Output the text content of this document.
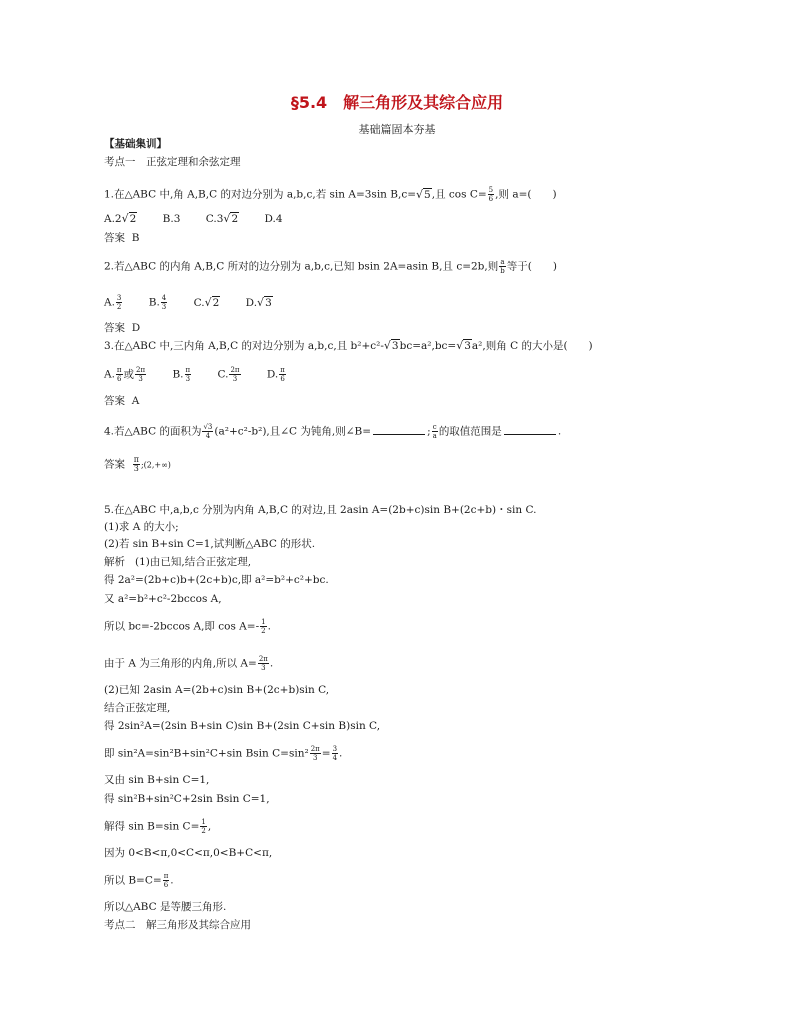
§5.4　解三角形及其综合应用
基础篇固本夯基
【基础集训】
考点一　正弦定理和余弦定理
1.在△ABC 中,角 A,B,C 的对边分别为 a,b,c,若 sin A=3sin B,c=√5,且 $\cos C= \frac{5}{6}$ ,则 a=(　　)
A.2√2	B.3 C.3√2	D.4
答案 B
2.若△ABC 的内角 A,B,C 所对的边分别为 a,b,c,已知 bsin 2A=asin B,且 c=2b,则 $\frac{a}{b}$ 等于(　　)
A. $\frac{3}{2}$	B. $\frac{4}{3}$	C.√2	D.√3
答案 D
3.在△ABC 中,三内角 A,B,C 的对边分别为 a,b,c,且 b²+c²-√3bc=a²,bc=√3a²,则角 C 的大小是(　　)
A. $\frac{\pi}{6}$ 或 $\frac{2\pi}{3}$	B. $\frac{\pi}{3}$	C. $\frac{2\pi}{3}$	D. $\frac{\pi}{6}$
答案 A
4.若△ABC 的面积为 $\frac{√3}{4} (a^2+c^2-b^2)$,且∠C 为钝角,则∠B=	; $\frac{c}{a}$ 的取值范围是	.
答案 $\frac{\pi}{3}$ ;(2,+∞)
5.在△ABC 中,a,b,c 分别为内角 A,B,C 的对边,且 2asin A=(2b+c)sin B+(2c+b)・sin C.
(1)求 A 的大小;
(2)若 sin B+sin C=1,试判断△ABC 的形状.
解析 (1)由已知,结合正弦定理,
得 2a²=(2b+c)b+(2c+b)c,即 a²=b²+c²+bc.
又 a²=b²+c²-2bccos A,
所以 bc=-2bccos A,即 $\cos A=- \frac{1}{2}$ .
由于 A 为三角形的内角,所以 $A= \frac{2\pi}{3}$ .
(2)已知 2asin A=(2b+c)sin B+(2c+b)sin C,
结合正弦定理,
得 2sin²A=(2sin B+sin C)sin B+(2sin C+sin B)sin C,
即 sin²A=sin²B+sin²C+sin Bsin $C=\sin^2 \frac{2\pi}{3} = \frac{3}{4}$ .
又由 sin B+sin C=1,
得 sin²B+sin²C+2sin Bsin C=1,
解得 sin B=sin $C= \frac{1}{2}$ ,
因为 0<B<π,0<C<π,0<B+C<π,
所以 $B=C= \frac{\pi}{6}$ .
所以△ABC 是等腰三角形.
考点二　解三角形及其综合应用
